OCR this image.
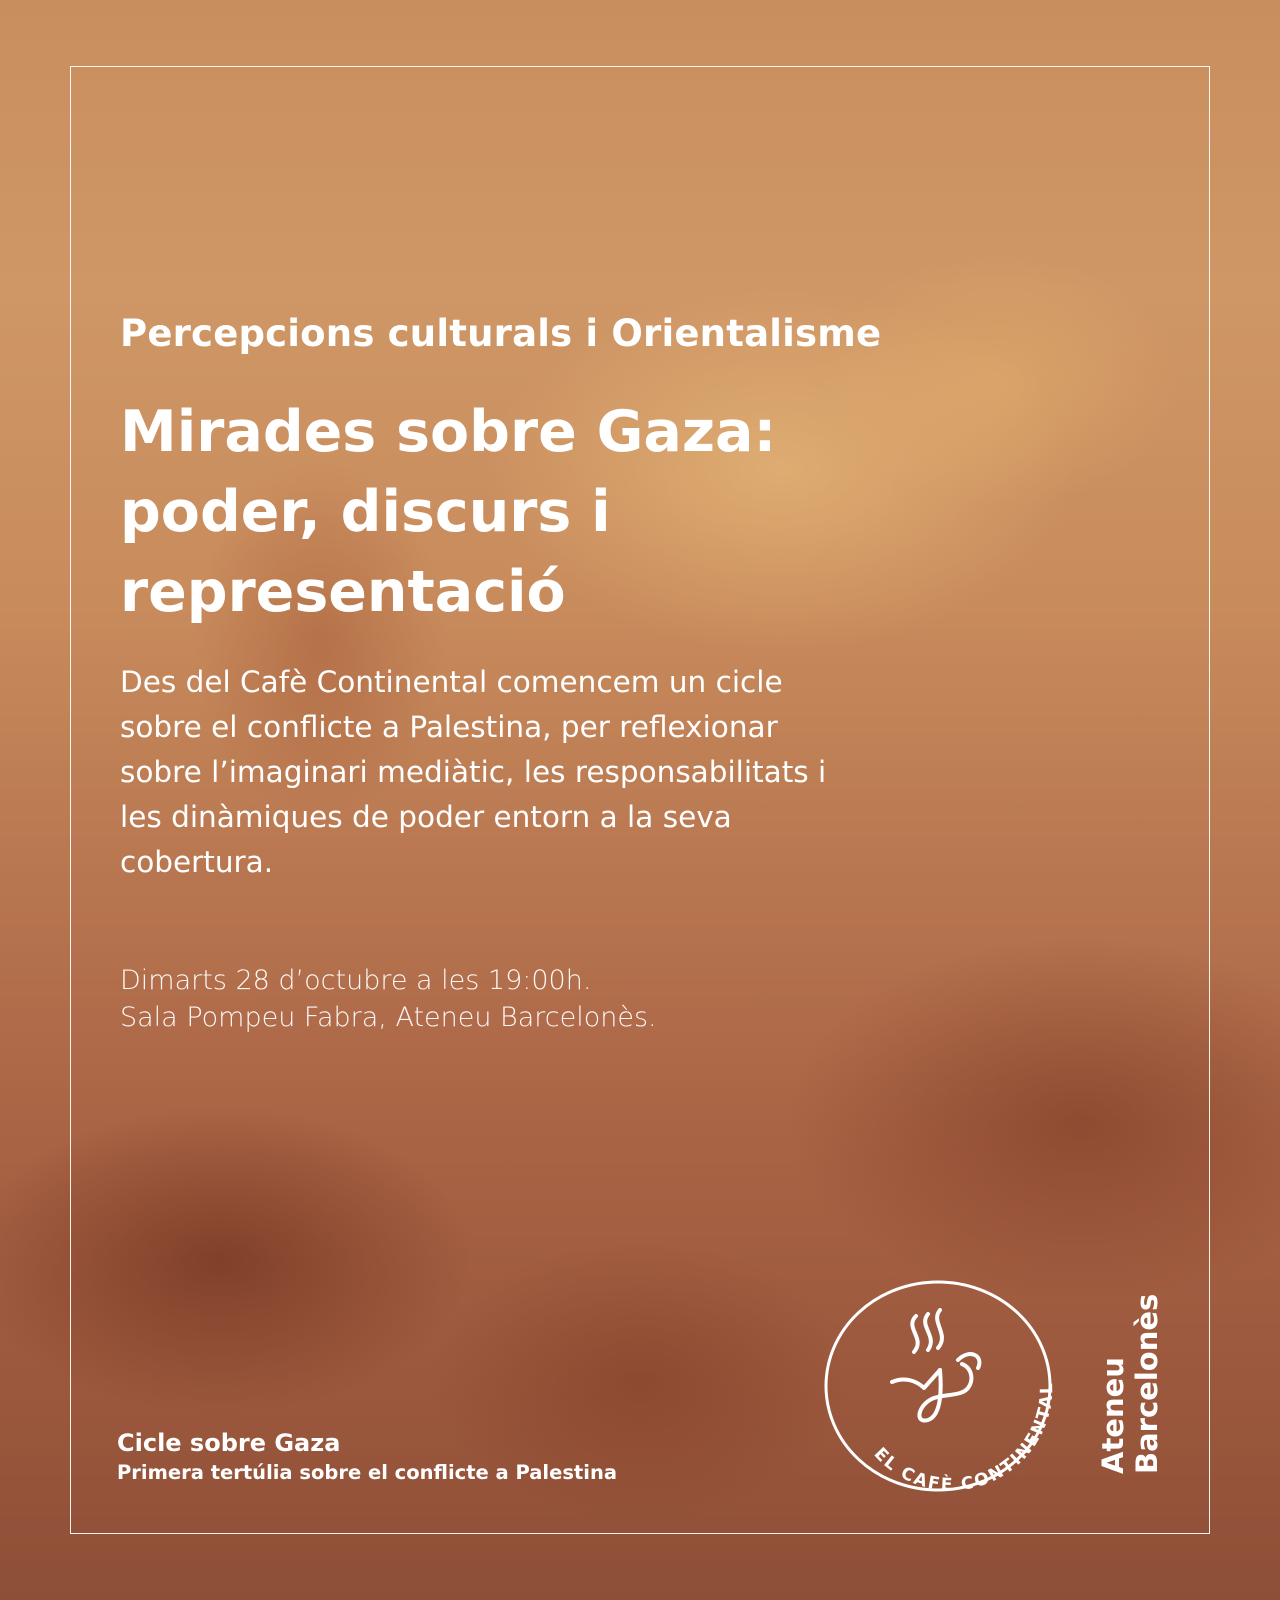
Percepcions culturals i Orientalisme
Mirades sobre Gaza:
poder, discurs i
representació
Des del Cafè Continental comencem un cicle
sobre el conflicte a Palestina, per reflexionar
sobre l’imaginari mediàtic, les responsabilitats i
les dinàmiques de poder entorn a la seva
cobertura.
Dimarts 28 d’octubre a les 19:00h.
Sala Pompeu Fabra, Ateneu Barcelonès.
Cicle sobre Gaza
Primera tertúlia sobre el conflicte a Palestina
EL CAFÈ CONTINENTAL Ateneu Barcelonès
